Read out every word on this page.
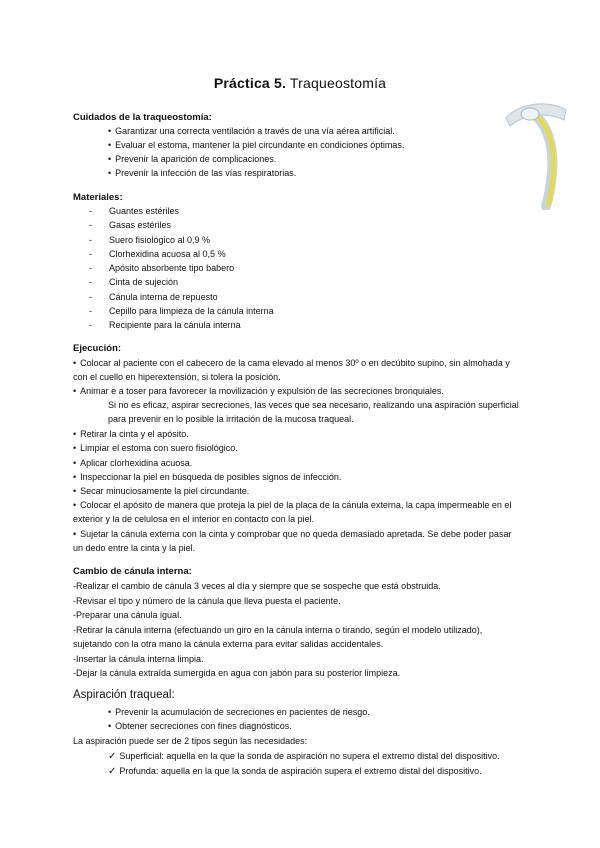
Práctica 5. Traqueostomía
Cuidados de la traqueostomía:
• Garantizar una correcta ventilación a través de una vía aérea artificial.
• Evaluar el estoma, mantener la piel circundante en condiciones óptimas.
• Prevenir la aparición de complicaciones.
• Prevenir la infección de las vías respiratorias.
Materiales:
- Guantes estériles
- Gasas estériles
- Suero fisiológico al 0,9 %
- Clorhexidina acuosa al 0,5 %
- Apósito absorbente tipo babero
- Cinta de sujeción
- Cánula interna de repuesto
- Cepillo para limpieza de la cánula interna
- Recipiente para la cánula interna
Ejecución:
• Colocar al paciente con el cabecero de la cama elevado al menos 30º o en decúbito supino, sin almohada y
con el cuello en hiperextensión, si tolera la posición.
• Animar e a toser para favorecer la movilización y expulsión de las secreciones bronquiales.
Si no es eficaz, aspirar secreciones, las veces que sea necesario, realizando una aspiración superficial
para prevenir en lo posible la irritación de la mucosa traqueal.
• Retirar la cinta y el apósito.
• Limpiar el estoma con suero fisiológico.
• Aplicar clorhexidina acuosa.
• Inspeccionar la piel en búsqueda de posibles signos de infección.
• Secar minuciosamente la piel circundante.
• Colocar el apósito de manera que proteja la piel de la placa de la cánula externa, la capa impermeable en el
exterior y la de celulosa en el interior en contacto con la piel.
• Sujetar la cánula externa con la cinta y comprobar que no queda demasiado apretada. Se debe poder pasar
un dedo entre la cinta y la piel.
Cambio de cánula interna:
-Realizar el cambio de cánula 3 veces al día y siempre que se sospeche que está obstruida.
-Revisar el tipo y número de la cánula que lleva puesta el paciente.
-Preparar una cánula igual.
-Retirar la cánula interna (efectuando un giro en la cánula interna o tirando, según el modelo utilizado),
sujetando con la otra mano la cánula externa para evitar salidas accidentales.
-Insertar la cánula interna limpia.
-Dejar la cánula extraída sumergida en agua con jabón para su posterior limpieza.
Aspiración traqueal:
• Prevenir la acumulación de secreciones en pacientes de riesgo.
• Obtener secreciones con fines diagnósticos.
La aspiración puede ser de 2 tipos según las necesidades:
✓ Superficial: aquella en la que la sonda de aspiración no supera el extremo distal del dispositivo.
✓ Profunda: aquella en la que la sonda de aspiración supera el extremo distal del dispositivo.
